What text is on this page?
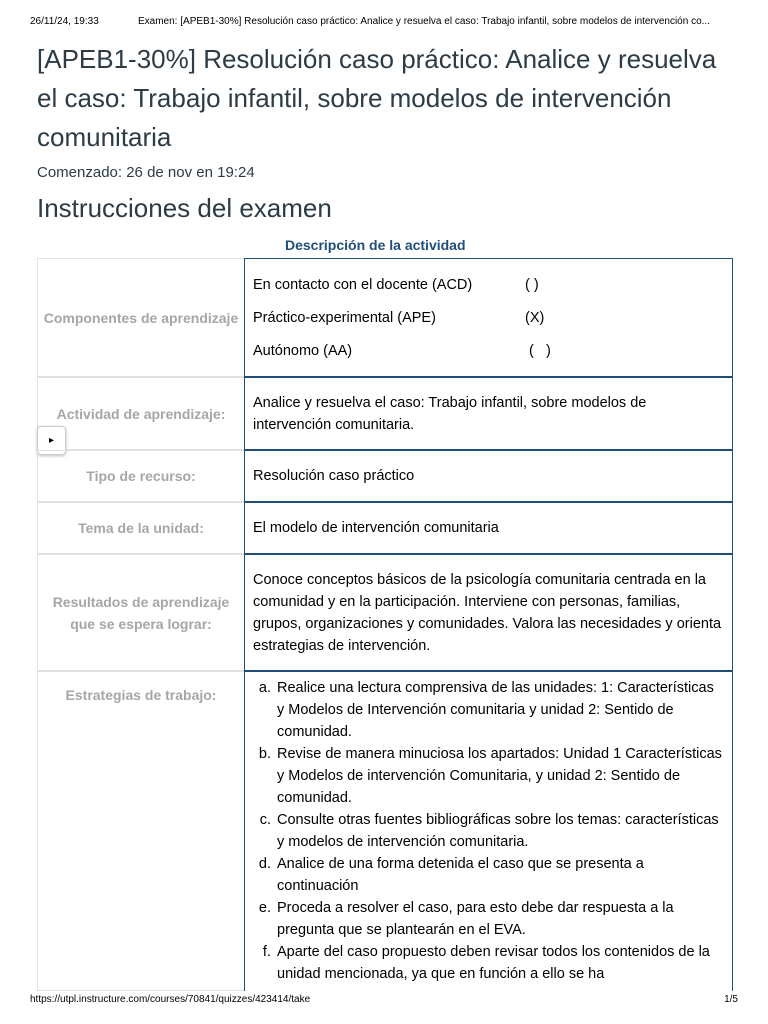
26/11/24, 19:33	Examen: [APEB1-30%] Resolución caso práctico: Analice y resuelva el caso: Trabajo infantil, sobre modelos de intervención co...
[APEB1-30%] Resolución caso práctico: Analice y resuelva el caso: Trabajo infantil, sobre modelos de intervención comunitaria
Comenzado: 26 de nov en 19:24
Instrucciones del examen
Descripción de la actividad
Componentes de aprendizaje
En contacto con el docente (ACD)	( )
Práctico-experimental (APE)	(X)
Autónomo (AA)	(   )
Actividad de aprendizaje:
Analice y resuelva el caso: Trabajo infantil, sobre modelos de intervención comunitaria.
▸
Tipo de recurso:	Resolución caso práctico
Tema de la unidad:	El modelo de intervención comunitaria
Resultados de aprendizaje que se espera lograr:
Conoce conceptos básicos de la psicología comunitaria centrada en la comunidad y en la participación. Interviene con personas, familias, grupos, organizaciones y comunidades. Valora las necesidades y orienta estrategias de intervención.
Estrategias de trabajo:
a.	Realice una lectura comprensiva de las unidades: 1: Características y Modelos de Intervención comunitaria y unidad 2: Sentido de comunidad.
b. Revise de manera minuciosa los apartados: Unidad 1 Características y Modelos de intervención Comunitaria, y unidad 2: Sentido de comunidad.
c. Consulte otras fuentes bibliográficas sobre los temas: características y modelos de intervención comunitaria.
d. Analice de una forma detenida el caso que se presenta a continuación
e. Proceda a resolver el caso, para esto debe dar respuesta a la pregunta que se plantearán en el EVA.
f. Aparte del caso propuesto deben revisar todos los contenidos de la unidad mencionada, ya que en función a ello se ha
https://utpl.instructure.com/courses/70841/quizzes/423414/take	1/5
